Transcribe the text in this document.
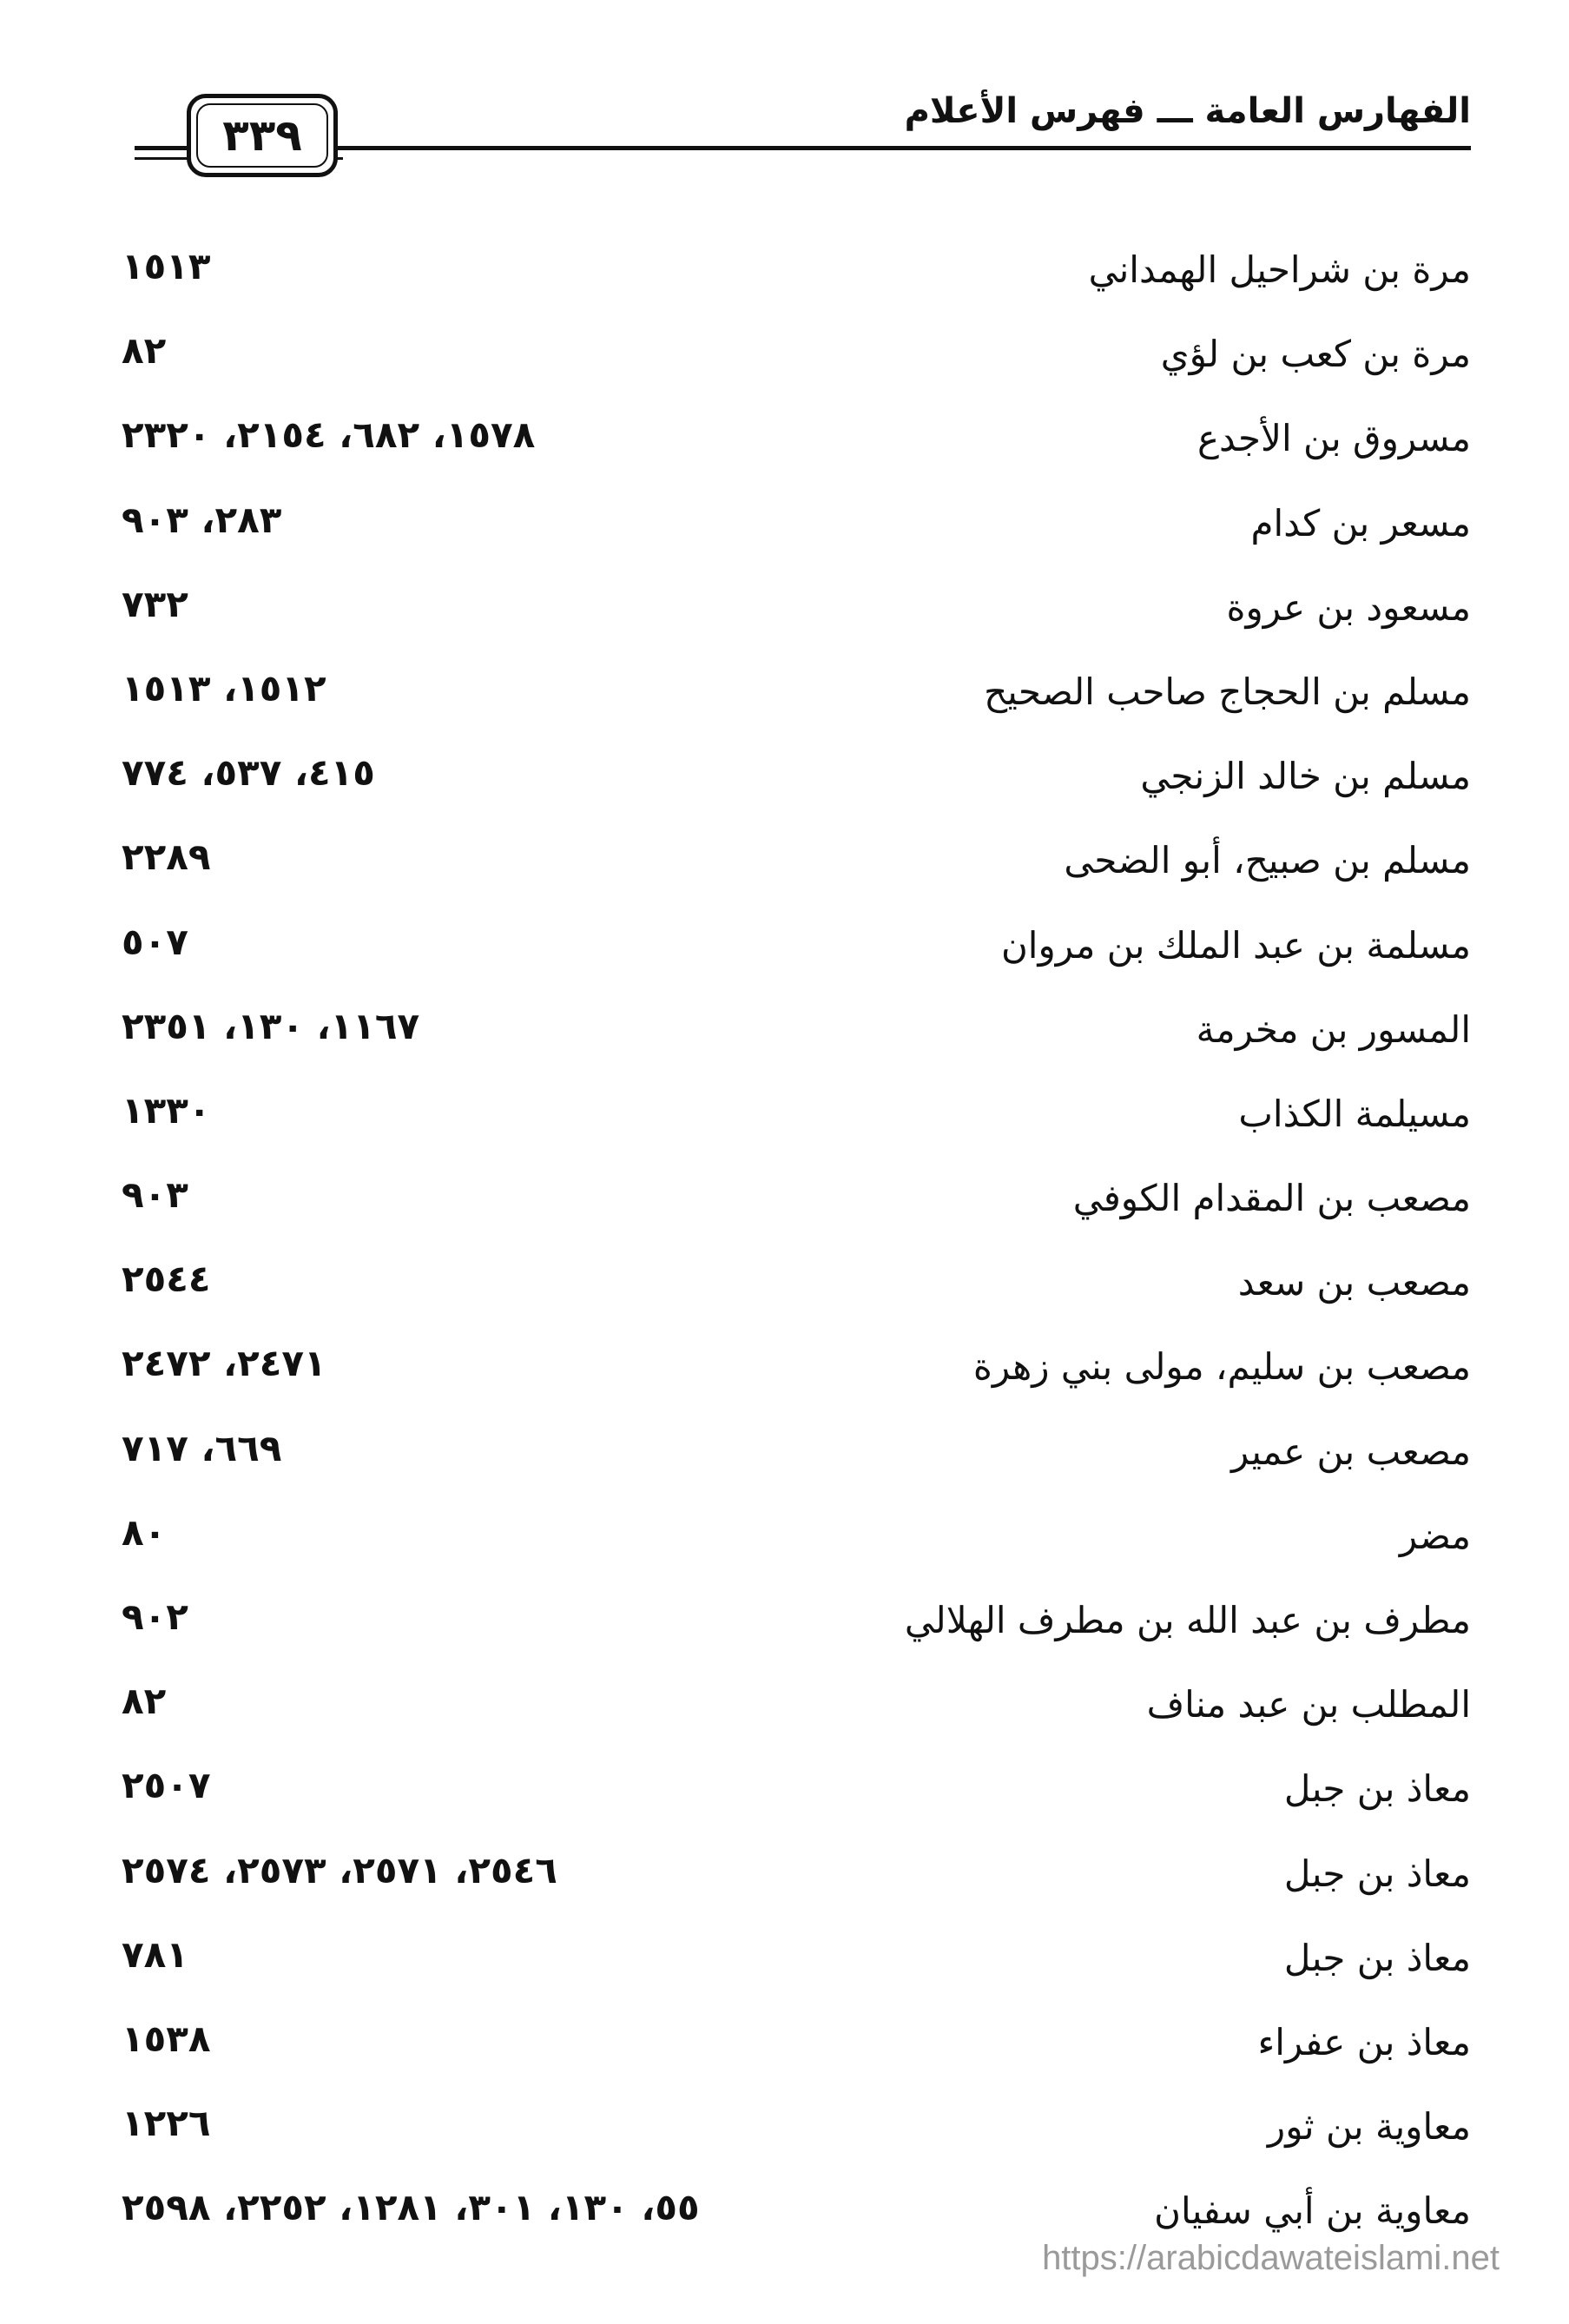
الفهارس العامة ـــ فهرس الأعلام
٣٣٩
مرة بن شراحيل الهمداني
١٥١٣
مرة بن كعب بن لؤي
٨٢
مسروق بن الأجدع
١٥٧٨، ٦٨٢، ٢١٥٤، ٢٣٢٠
مسعر بن كدام
٢٨٣، ٩٠٣
مسعود بن عروة
٧٣٢
مسلم بن الحجاج صاحب الصحيح
١٥١٢، ١٥١٣
مسلم بن خالد الزنجي
٤١٥، ٥٣٧، ٧٧٤
مسلم بن صبيح، أبو الضحى
٢٢٨٩
مسلمة بن عبد الملك بن مروان
٥٠٧
المسور بن مخرمة
١١٦٧، ١٣٠، ٢٣٥١
مسيلمة الكذاب
١٣٣٠
مصعب بن المقدام الكوفي
٩٠٣
مصعب بن سعد
٢٥٤٤
مصعب بن سليم، مولى بني زهرة
٢٤٧١، ٢٤٧٢
مصعب بن عمير
٦٦٩، ٧١٧
مضر
٨٠
مطرف بن عبد الله بن مطرف الهلالي
٩٠٢
المطلب بن عبد مناف
٨٢
معاذ بن جبل
٢٥٠٧
معاذ بن جبل
٢٥٤٦، ٢٥٧١، ٢٥٧٣، ٢٥٧٤
معاذ بن جبل
٧٨١
معاذ بن عفراء
١٥٣٨
معاوية بن ثور
١٢٢٦
معاوية بن أبي سفيان
٥٥، ١٣٠، ٣٠١، ١٢٨١، ٢٢٥٢، ٢٥٩٨
https://arabicdawateislami.net
